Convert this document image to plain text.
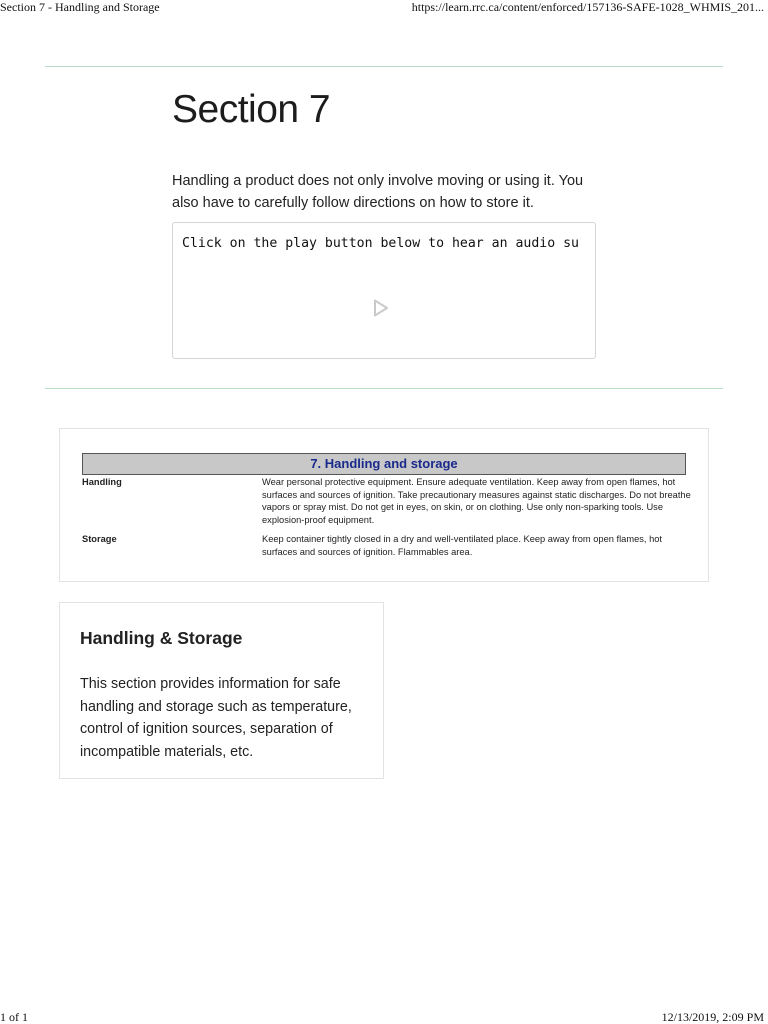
Section 7 - Handling and Storage	https://learn.rrc.ca/content/enforced/157136-SAFE-1028_WHMIS_201...
Section 7

Handling a product does not only involve moving or using it. You also have to carefully follow directions on how to store it.

Click on the play button below to hear an audio su
7. Handling and storage
Handling	Wear personal protective equipment. Ensure adequate ventilation. Keep away from open flames, hot surfaces and sources of ignition. Take precautionary measures against static discharges. Do not breathe vapors or spray mist. Do not get in eyes, on skin, or on clothing. Use only non-sparking tools. Use explosion-proof equipment.
Storage	Keep container tightly closed in a dry and well-ventilated place. Keep away from open flames, hot surfaces and sources of ignition. Flammables area.
Handling & Storage

This section provides information for safe handling and storage such as temperature, control of ignition sources, separation of incompatible materials, etc.

1 of 1	12/13/2019, 2:09 PM
